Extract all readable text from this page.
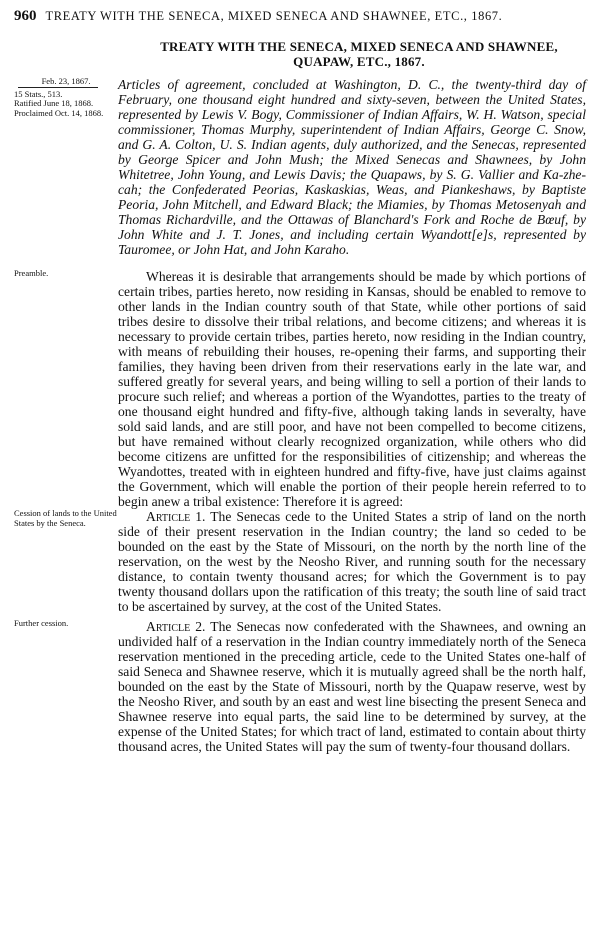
960 TREATY WITH THE SENECA, MIXED SENECA AND SHAWNEE, ETC., 1867.
TREATY WITH THE SENECA, MIXED SENECA AND SHAWNEE,
QUAPAW, ETC., 1867.

Feb. 23, 1867.

15 Stats., 513.

Ratified June 18, 1868.

Proclaimed Oct. 14, 1868.

Articles of agreement, concluded at Washington, D. C., the twenty-third day of February, one thousand eight hundred and sixty-seven, between the United States, represented by Lewis V. Bogy, Commissioner of Indian Affairs, W. H. Watson, special commissioner, Thomas Murphy, superintendent of Indian Affairs, George C. Snow, and G. A. Colton, U. S. Indian agents, duly authorized, and the Senecas, represented by George Spicer and John Mush; the Mixed Senecas and Shawnees, by John Whitetree, John Young, and Lewis Davis; the Quapaws, by S. G. Vallier and Ka-zhe-cah; the Confederated Peorias, Kaskaskias, Weas, and Piankeshaws, by Baptiste Peoria, John Mitchell, and Edward Black; the Miamies, by Thomas Metosenyah and Thomas Richardville, and the Ottawas of Blanchard's Fork and Roche de Bœuf, by John White and J. T. Jones, and including certain Wyandott[e]s, represented by Tauromee, or John Hat, and John Karaho.

Preamble.	Whereas it is desirable that arrangements should be made by which portions of certain tribes, parties hereto, now residing in Kansas, should be enabled to remove to other lands in the Indian country south of that State, while other portions of said tribes desire to dissolve their tribal relations, and become citizens; and whereas it is necessary to provide certain tribes, parties hereto, now residing in the Indian country, with means of rebuilding their houses, re-opening their farms, and supporting their families, they having been driven from their reservations early in the late war, and suffered greatly for several years, and being willing to sell a portion of their lands to procure such relief; and whereas a portion of the Wyandottes, parties to the treaty of one thousand eight hundred and fifty-five, although taking lands in severalty, have sold said lands, and are still poor, and have not been compelled to become citizens, but have remained without clearly recognized organization, while others who did become citizens are unfitted for the responsibilities of citizenship; and whereas the Wyandottes, treated with in eighteen hundred and fifty-five, have just claims against the Government, which will enable the portion of their people herein referred to to begin anew a tribal existence: Therefore it is agreed:

Cession of lands to the United States by the Seneca.	Article 1. The Senecas cede to the United States a strip of land on the north side of their present reservation in the Indian country; the land so ceded to be bounded on the east by the State of Missouri, on the north by the north line of the reservation, on the west by the Neosho River, and running south for the necessary distance, to contain twenty thousand acres; for which the Government is to pay twenty thousand dollars upon the ratification of this treaty; the south line of said tract to be ascertained by survey, at the cost of the United States.

Further cession.	Article 2. The Senecas now confederated with the Shawnees, and owning an undivided half of a reservation in the Indian country immediately north of the Seneca reservation mentioned in the preceding article, cede to the United States one-half of said Seneca and Shawnee reserve, which it is mutually agreed shall be the north half, bounded on the east by the State of Missouri, north by the Quapaw reserve, west by the Neosho River, and south by an east and west line bisecting the present Seneca and Shawnee reserve into equal parts, the said line to be determined by survey, at the expense of the United States; for which tract of land, estimated to contain about thirty thousand acres, the United States will pay the sum of twenty-four thousand dollars.
